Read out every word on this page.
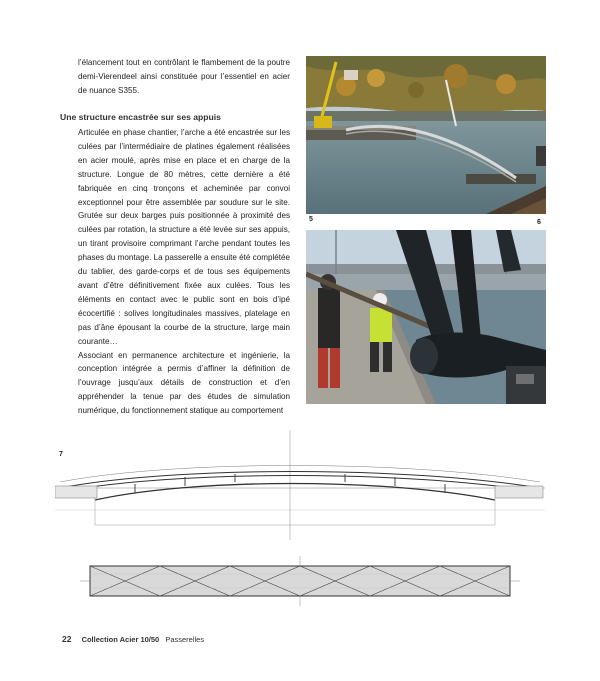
l’élancement tout en contrôlant le flambement de la poutre demi-Vierendeel ainsi constituée pour l’essentiel en acier de nuance S355.

Une structure encastrée sur ses appuis

Articulée en phase chantier, l’arche a été encastrée sur les culées par l’intermédiaire de platines également réalisées en acier moulé, après mise en place et en charge de la structure. Longue de 80 mètres, cette dernière a été fabriquée en cinq tronçons et acheminée par convoi exceptionnel pour être assemblée par soudure sur le site. Grutée sur deux barges puis positionnée à proximité des culées par rotation, la structure a été levée sur ses appuis, un tirant provisoire comprimant l’arche pendant toutes les phases du montage. La passerelle a ensuite été complétée du tablier, des garde-corps et de tous ses équipements avant d’être définitivement fixée aux culées. Tous les éléments en contact avec le public sont en bois d’ipé écocertifié : solives longitudinales massives, platelage en pas d’âne épousant la courbe de la structure, large main courante…

Associant en permanence architecture et ingénierie, la conception intégrée a permis d’affiner la définition de l’ouvrage jusqu’aux détails de construction et d’en appréhender la tenue par des études de simulation numérique, du fonctionnement statique au comportement

5	6
7
22 Collection Acier 10/50 Passerelles
